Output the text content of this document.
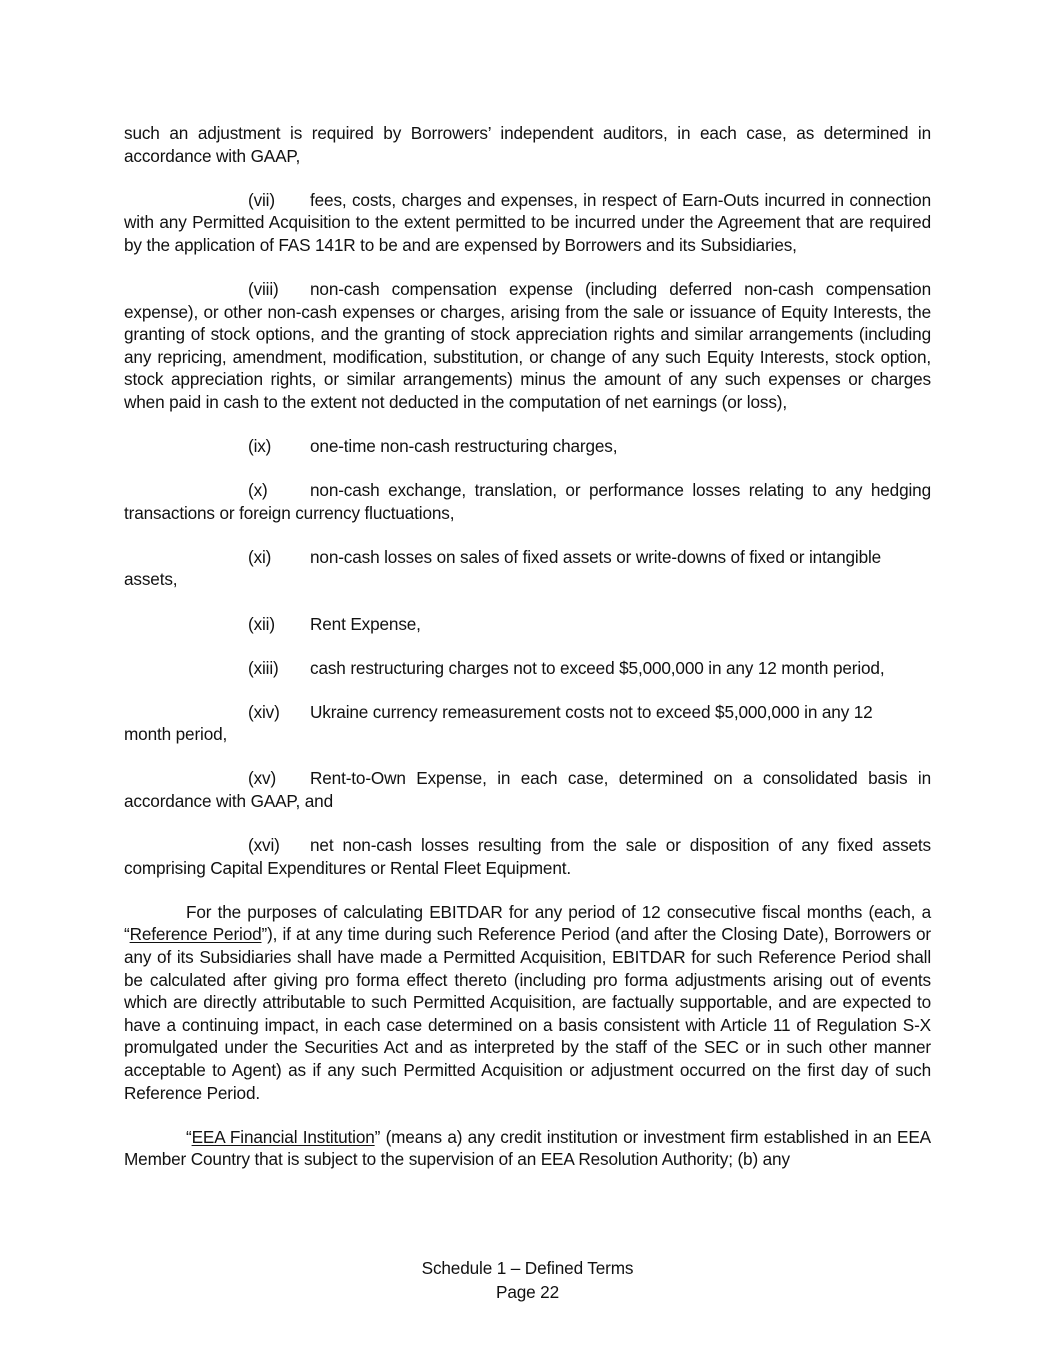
such an adjustment is required by Borrowers’ independent auditors, in each case, as determined in accordance with GAAP,

(vii) fees, costs, charges and expenses, in respect of Earn-Outs incurred in connection with any Permitted Acquisition to the extent permitted to be incurred under the Agreement that are required by the application of FAS 141R to be and are expensed by Borrowers and its Subsidiaries,

(viii) non-cash compensation expense (including deferred non-cash compensation expense), or other non-cash expenses or charges, arising from the sale or issuance of Equity Interests, the granting of stock options, and the granting of stock appreciation rights and similar arrangements (including any repricing, amendment, modification, substitution, or change of any such Equity Interests, stock option, stock appreciation rights, or similar arrangements) minus the amount of any such expenses or charges when paid in cash to the extent not deducted in the computation of net earnings (or loss),

(ix) one-time non-cash restructuring charges,

(x) non-cash exchange, translation, or performance losses relating to any hedging transactions or foreign currency fluctuations,

(xi) non-cash losses on sales of fixed assets or write-downs of fixed or intangible

assets,

(xii) Rent Expense,

(xiii) cash restructuring charges not to exceed $5,000,000 in any 12 month period,

(xiv) Ukraine currency remeasurement costs not to exceed $5,000,000 in any 12

month period,

(xv) Rent-to-Own Expense, in each case, determined on a consolidated basis in accordance with GAAP, and

(xvi) net non-cash losses resulting from the sale or disposition of any fixed assets comprising Capital Expenditures or Rental Fleet Equipment.

For the purposes of calculating EBITDAR for any period of 12 consecutive fiscal months (each, a “Reference Period”), if at any time during such Reference Period (and after the Closing Date), Borrowers or any of its Subsidiaries shall have made a Permitted Acquisition, EBITDAR for such Reference Period shall be calculated after giving pro forma effect thereto (including pro forma adjustments arising out of events which are directly attributable to such Permitted Acquisition, are factually supportable, and are expected to have a continuing impact, in each case determined on a basis consistent with Article 11 of Regulation S-X promulgated under the Securities Act and as interpreted by the staff of the SEC or in such other manner acceptable to Agent) as if any such Permitted Acquisition or adjustment occurred on the first day of such Reference Period.

“EEA Financial Institution” (means a) any credit institution or investment firm established in an EEA Member Country that is subject to the supervision of an EEA Resolution Authority; (b) any

Schedule 1 – Defined Terms
Page 22
